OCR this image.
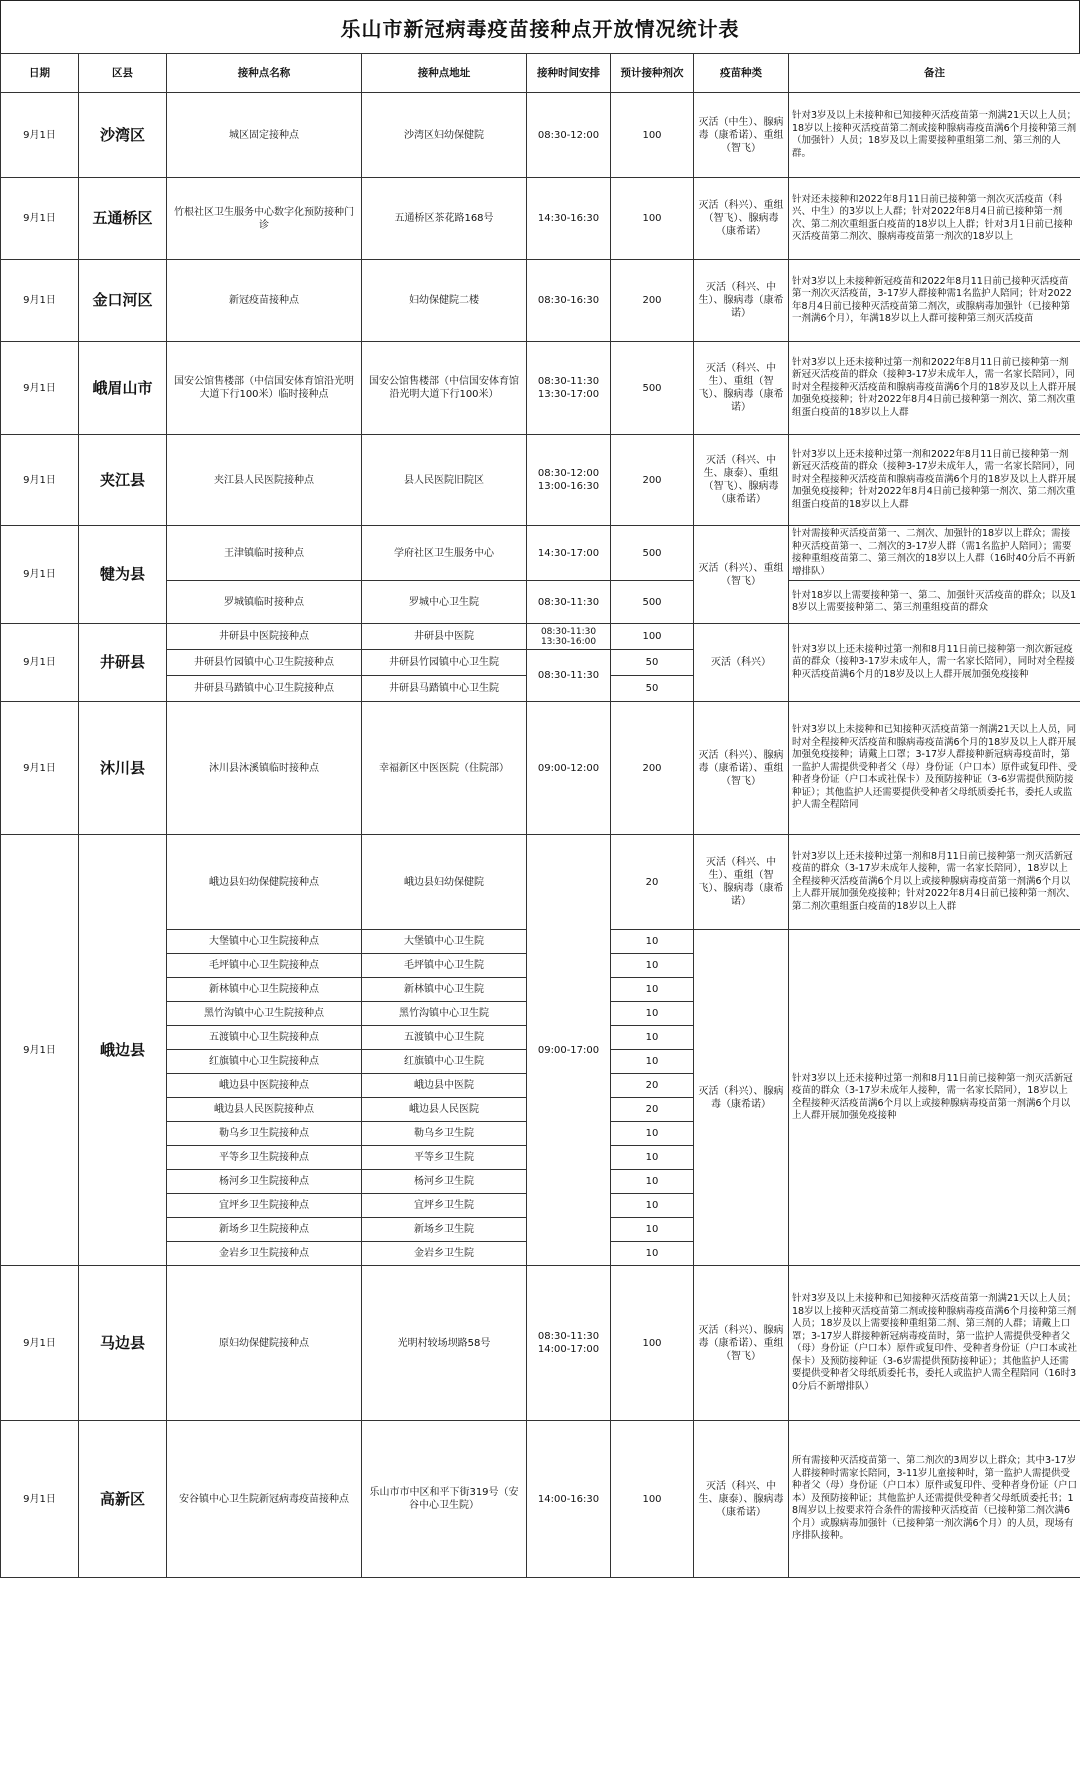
乐山市新冠病毒疫苗接种点开放情况统计表
日期	区县	接种点名称	接种点地址	接种时间安排	预计接种剂次	疫苗种类	备注
9月1日	沙湾区	城区固定接种点	沙湾区妇幼保健院	08:30-12:00	100	灭活（中生）、腺病毒（康希诺）、重组（智飞）	针对3岁及以上未接种和已知接种灭活疫苗第一剂满21天以上人员；18岁以上接种灭活疫苗第二剂或接种腺病毒疫苗满6个月接种第三剂（加强针）人员；18岁及以上需要接种重组第二剂、第三剂的人群。
9月1日	五通桥区	竹根社区卫生服务中心数字化预防接种门诊	五通桥区茶花路168号	14:30-16:30	100	灭活（科兴）、重组（智飞）、腺病毒（康希诺）	针对还未接种和2022年8月11日前已接种第一剂次灭活疫苗（科兴、中生）的3岁以上人群；针对2022年8月4日前已接种第一剂次、第二剂次重组蛋白疫苗的18岁以上人群；针对3月1日前已接种灭活疫苗第二剂次、腺病毒疫苗第一剂次的18岁以上
9月1日	金口河区	新冠疫苗接种点	妇幼保健院二楼	08:30-16:30	200	灭活（科兴、中生）、腺病毒（康希诺）	针对3岁以上未接种新冠疫苗和2022年8月11日前已接种灭活疫苗第一剂次灭活疫苗，3-17岁人群接种需1名监护人陪同；针对2022年8月4日前已接种灭活疫苗第二剂次，或腺病毒加强针（已接种第一剂满6个月），年满18岁以上人群可接种第三剂灭活疫苗
9月1日	峨眉山市	国安公馆售楼部（中信国安体育馆沿光明大道下行100米）临时接种点	国安公馆售楼部（中信国安体育馆沿光明大道下行100米）	08:30-11:30
13:30-17:00	500	灭活（科兴、中生）、重组（智飞）、腺病毒（康希诺）	针对3岁以上还未接种过第一剂和2022年8月11日前已接种第一剂新冠灭活疫苗的群众（接种3-17岁未成年人，需一名家长陪同），同时对全程接种灭活疫苗和腺病毒疫苗满6个月的18岁及以上人群开展加强免疫接种；针对2022年8月4日前已接种第一剂次、第二剂次重组蛋白疫苗的18岁以上人群
9月1日	夹江县	夹江县人民医院接种点	县人民医院旧院区	08:30-12:00
13:00-16:30	200	灭活（科兴、中生、康泰）、重组（智飞）、腺病毒（康希诺）	针对3岁以上还未接种过第一剂和2022年8月11日前已接种第一剂新冠灭活疫苗的群众（接种3-17岁未成年人，需一名家长陪同），同时对全程接种灭活疫苗和腺病毒疫苗满6个月的18岁及以上人群开展加强免疫接种；针对2022年8月4日前已接种第一剂次、第二剂次重组蛋白疫苗的18岁以上人群
9月1日	犍为县	王津镇临时接种点	学府社区卫生服务中心	14:30-17:00	500	灭活（科兴）、重组（智飞）	针对需接种灭活疫苗第一、二剂次、加强针的18岁以上群众；需接种灭活疫苗第一、二剂次的3-17岁人群（需1名监护人陪同）；需要接种重组疫苗第二、第三剂次的18岁以上人群（16时40分后不再新增排队）
		罗城镇临时接种点	罗城中心卫生院	08:30-11:30	500		针对18岁以上需要接种第一、第二、加强针灭活疫苗的群众；以及18岁以上需要接种第二、第三剂重组疫苗的群众
9月1日	井研县	井研县中医院接种点	井研县中医院	08:30-11:30
13:30-16:00	100	灭活（科兴）	针对3岁以上还未接种过第一剂和8月11日前已接种第一剂次新冠疫苗的群众（接种3-17岁未成年人，需一名家长陪同），同时对全程接种灭活疫苗满6个月的18岁及以上人群开展加强免疫接种
		井研县竹园镇中心卫生院接种点	井研县竹园镇中心卫生院	08:30-11:30	50		
		井研县马踏镇中心卫生院接种点	井研县马踏镇中心卫生院		50		
9月1日	沐川县	沐川县沐溪镇临时接种点	幸福新区中医医院（住院部）	09:00-12:00	200	灭活（科兴）、腺病毒（康希诺）、重组（智飞）	针对3岁以上未接种和已知接种灭活疫苗第一剂满21天以上人员，同时对全程接种灭活疫苗和腺病毒疫苗满6个月的18岁及以上人群开展加强免疫接种；请戴上口罩；3-17岁人群接种新冠病毒疫苗时，第一监护人需提供受种者父（母）身份证（户口本）原件或复印件、受种者身份证（户口本或社保卡）及预防接种证（3-6岁需提供预防接种证）；其他监护人还需要提供受种者父母纸质委托书，委托人或监护人需全程陪同
9月1日	峨边县	峨边县妇幼保健院接种点	峨边县妇幼保健院	09:00-17:00	20	灭活（科兴、中生）、重组（智飞）、腺病毒（康希诺）	针对3岁以上还未接种过第一剂和8月11日前已接种第一剂灭活新冠疫苗的群众（3-17岁未成年人接种，需一名家长陪同），18岁以上全程接种灭活疫苗满6个月以上或接种腺病毒疫苗第一剂满6个月以上人群开展加强免疫接种；针对2022年8月4日前已接种第一剂次、第二剂次重组蛋白疫苗的18岁以上人群
		大堡镇中心卫生院接种点	大堡镇中心卫生院		10	灭活（科兴）、腺病毒（康希诺）	针对3岁以上还未接种过第一剂和8月11日前已接种第一剂灭活新冠疫苗的群众（3-17岁未成年人接种，需一名家长陪同），18岁以上全程接种灭活疫苗满6个月以上或接种腺病毒疫苗第一剂满6个月以上人群开展加强免疫接种
		毛坪镇中心卫生院接种点	毛坪镇中心卫生院		10		
		新林镇中心卫生院接种点	新林镇中心卫生院		10		
		黑竹沟镇中心卫生院接种点	黑竹沟镇中心卫生院		10		
		五渡镇中心卫生院接种点	五渡镇中心卫生院		10		
		红旗镇中心卫生院接种点	红旗镇中心卫生院		10		
		峨边县中医院接种点	峨边县中医院		20		
		峨边县人民医院接种点	峨边县人民医院		20		
		勒乌乡卫生院接种点	勒乌乡卫生院		10		
		平等乡卫生院接种点	平等乡卫生院		10		
		杨河乡卫生院接种点	杨河乡卫生院		10		
		宜坪乡卫生院接种点	宜坪乡卫生院		10		
		新场乡卫生院接种点	新场乡卫生院		10		
		金岩乡卫生院接种点	金岩乡卫生院		10		
9月1日	马边县	原妇幼保健院接种点	光明村较场坝路58号	08:30-11:30
14:00-17:00	100	灭活（科兴）、腺病毒（康希诺）、重组（智飞）	针对3岁及以上未接种和已知接种灭活疫苗第一剂满21天以上人员；18岁以上接种灭活疫苗第二剂或接种腺病毒疫苗满6个月接种第三剂人员；18岁及以上需要接种重组第二剂、第三剂的人群；请戴上口罩；3-17岁人群接种新冠病毒疫苗时，第一监护人需提供受种者父（母）身份证（户口本）原件或复印件、受种者身份证（户口本或社保卡）及预防接种证（3-6岁需提供预防接种证）；其他监护人还需要提供受种者父母纸质委托书，委托人或监护人需全程陪同（16时30分后不新增排队）
9月1日	高新区	安谷镇中心卫生院新冠病毒疫苗接种点	乐山市市中区和平下街319号（安谷中心卫生院）	14:00-16:30	100	灭活（科兴、中生、康泰）、腺病毒（康希诺）	所有需接种灭活疫苗第一、第二剂次的3周岁以上群众；其中3-17岁人群接种时需家长陪同，3-11岁儿童接种时，第一监护人需提供受种者父（母）身份证（户口本）原件或复印件、受种者身份证（户口本）及预防接种证；其他监护人还需提供受种者父母纸质委托书；18周岁以上按要求符合条件的需接种灭活疫苗（已接种第二剂次满6个月）或腺病毒加强针（已接种第一剂次满6个月）的人员，现场有序排队接种。
